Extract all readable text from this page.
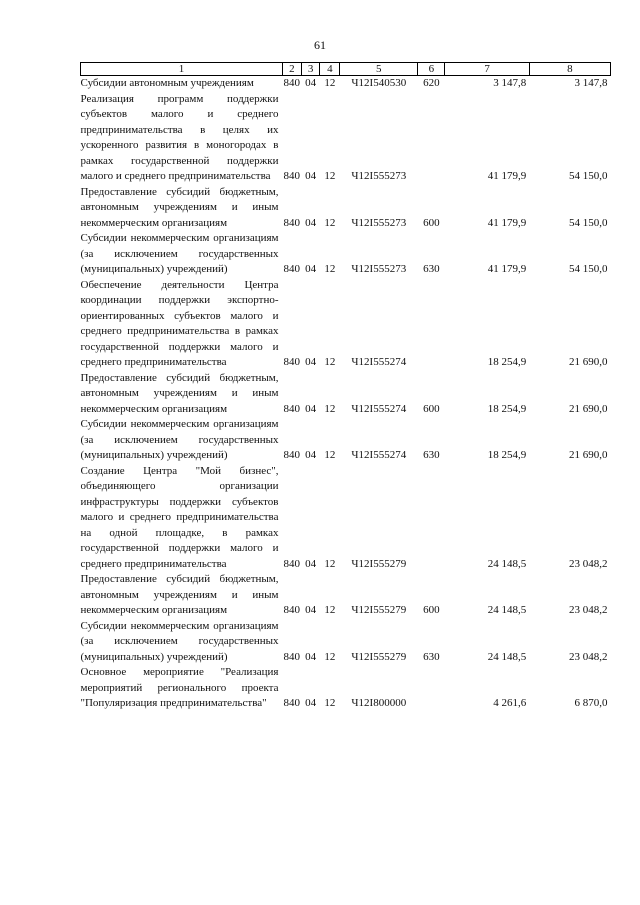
61
1	2	3	4	5	6	7	8
Субсидии автономным учреждениям	840	04	12	Ч12I540530	620	3 147,8	3 147,8
Реализация программ поддержки субъектов малого и среднего предпринимательства в целях их ускоренного развития в моногородах в рамках государственной поддержки малого и среднего предпринимательства	840	04	12	Ч12I555273		41 179,9	54 150,0
Предоставление субсидий бюджетным, автономным учреждениям и иным некоммерческим организациям	840	04	12	Ч12I555273	600	41 179,9	54 150,0
Субсидии некоммерческим организациям (за исключением государственных (муниципальных) учреждений)	840	04	12	Ч12I555273	630	41 179,9	54 150,0
Обеспечение деятельности Центра координации поддержки экспортно-ориентированных субъектов малого и среднего предпринимательства в рамках государственной поддержки малого и среднего предпринимательства	840	04	12	Ч12I555274		18 254,9	21 690,0
Предоставление субсидий бюджетным, автономным учреждениям и иным некоммерческим организациям	840	04	12	Ч12I555274	600	18 254,9	21 690,0
Субсидии некоммерческим организациям (за исключением государственных (муниципальных) учреждений)	840	04	12	Ч12I555274	630	18 254,9	21 690,0
Создание Центра "Мой бизнес", объединяющего организации инфраструктуры поддержки субъектов малого и среднего предпринимательства на одной площадке, в рамках государственной поддержки малого и среднего предпринимательства	840	04	12	Ч12I555279		24 148,5	23 048,2
Предоставление субсидий бюджетным, автономным учреждениям и иным некоммерческим организациям	840	04	12	Ч12I555279	600	24 148,5	23 048,2
Субсидии некоммерческим организациям (за исключением государственных (муниципальных) учреждений)	840	04	12	Ч12I555279	630	24 148,5	23 048,2
Основное мероприятие "Реализация мероприятий регионального проекта "Популяризация предпринимательства"	840	04	12	Ч12I800000		4 261,6	6 870,0
